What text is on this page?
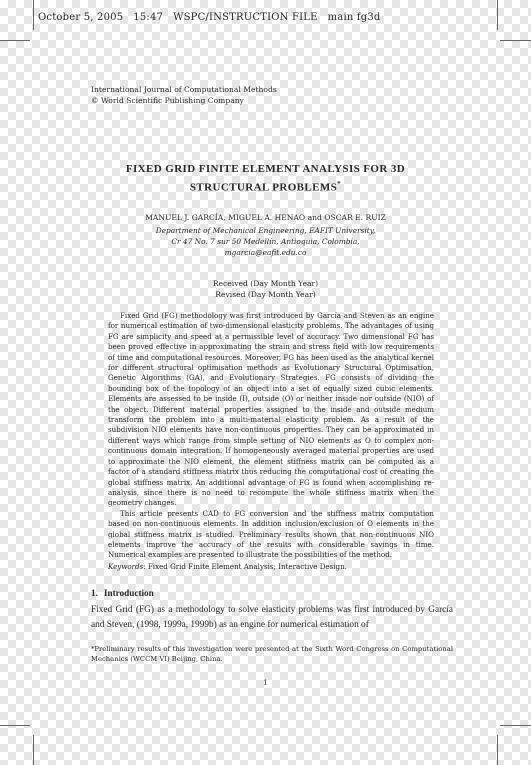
October 5, 2005 15:47 WSPC/INSTRUCTION FILE main fg3d
International Journal of Computational Methods
© World Scientific Publishing Company
FIXED GRID FINITE ELEMENT ANALYSIS FOR 3D
STRUCTURAL PROBLEMS*
MANUEL J. GARCÍA, MIGUEL A. HENAO and OSCAR E. RUIZ
Department of Mechanical Engineering, EAFIT University,
Cr 47 No. 7 sur 50 Medellín, Antioquia, Colombia,
mgarcia@eafit.edu.co
Received (Day Month Year)
Revised (Day Month Year)

Fixed Grid (FG) methodology was first introduced by García and Steven as an engine for numerical estimation of two-dimensional elasticity problems. The advantages of using FG are simplicity and speed at a permissible level of accuracy. Two dimensional FG has been proved effective in approximating the strain and stress field with low requirements of time and computational resources. Moreover, FG has been used as the analytical kernel for different structural optimisation methods as Evolutionary Structural Optimisation, Genetic Algorithms (GA), and Evolutionary Strategies. FG consists of dividing the bounding box of the topology of an object into a set of equally sized cubic elements. Elements are assessed to be inside (I), outside (O) or neither inside nor outside (NIO) of the object. Different material properties assigned to the inside and outside medium transform the problem into a multi-material elasticity problem. As a result of the subdivision NIO elements have non-continuous properties. They can be approximated in different ways which range from simple setting of NIO elements as O to complex non-continuous domain integration. If homogeneously averaged material properties are used to approximate the NIO element, the element stiffness matrix can be computed as a factor of a standard stiffness matrix thus reducing the computational cost of creating the global stiffness matrix. An additional advantage of FG is found when accomplishing re-analysis, since there is no need to recompute the whole stiffness matrix when the geometry changes.

This article presents CAD to FG conversion and the stiffness matrix computation based on non-continuous elements. In addition inclusion/exclusion of O elements in the global stiffness matrix is studied. Preliminary results shown that non-continuous NIO elements improve the accuracy of the results with considerable savings in time. Numerical examples are presented to illustrate the possibilities of the method.

Keywords: Fixed Grid Finite Element Analysis; Interactive Design.
1. Introduction
Fixed Grid (FG) as a methodology to solve elasticity problems was first introduced by García and Steven, (1998, 1999a, 1999b) as an engine for numerical estimation of
*Preliminary results of this investigation were presented at the Sixth Word Congress on Computational Mechanics (WCCM VI) Beijing, China.
1
